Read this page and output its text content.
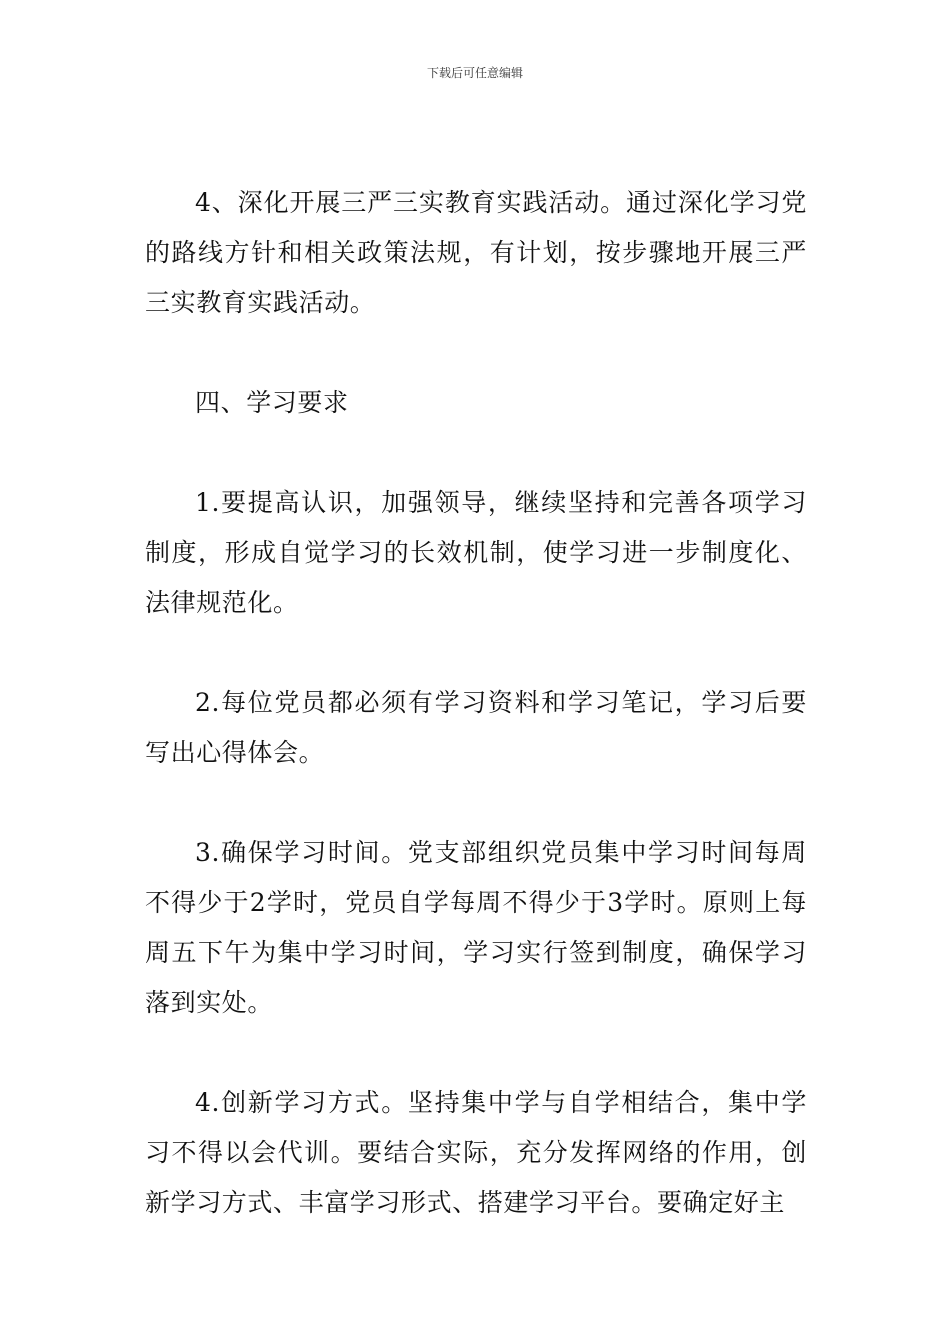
下载后可任意编辑

4、深化开展三严三实教育实践活动。通过深化学习党的路线方针和相关政策法规，有计划，按步骤地开展三严三实教育实践活动。

四、学习要求

1.要提高认识，加强领导，继续坚持和完善各项学习制度，形成自觉学习的长效机制，使学习进一步制度化、法律规范化。

2.每位党员都必须有学习资料和学习笔记，学习后要写出心得体会。

3.确保学习时间。党支部组织党员集中学习时间每周不得少于2学时，党员自学每周不得少于3学时。原则上每周五下午为集中学习时间，学习实行签到制度，确保学习落到实处。

4.创新学习方式。坚持集中学与自学相结合，集中学习不得以会代训。要结合实际，充分发挥网络的作用，创新学习方式、丰富学习形式、搭建学习平台。要确定好主
